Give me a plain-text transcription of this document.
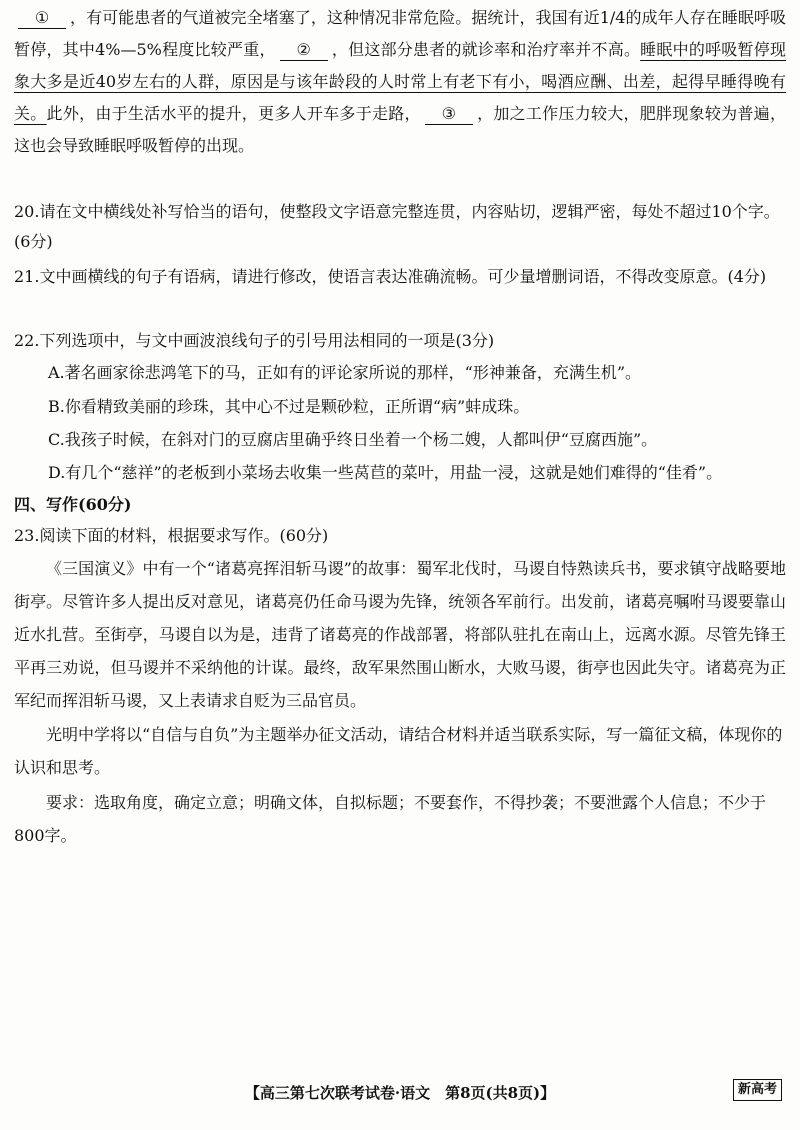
① ，有可能患者的气道被完全堵塞了，这种情况非常危险。据统计，我国有近1/4的成年人存在睡眠呼吸暂停，其中4%—5%程度比较严重， ② ，但这部分患者的就诊率和治疗率并不高。睡眠中的呼吸暂停现象大多是近40岁左右的人群，原因是与该年龄段的人时常上有老下有小，喝酒应酬、出差，起得早睡得晚有关。此外，由于生活水平的提升，更多人开车多于走路， ③ ，加之工作压力较大，肥胖现象较为普遍，这也会导致睡眠呼吸暂停的出现。

20.请在文中横线处补写恰当的语句，使整段文字语意完整连贯，内容贴切，逻辑严密，每处不超过10个字。(6分)

21.文中画横线的句子有语病，请进行修改，使语言表达准确流畅。可少量增删词语，不得改变原意。(4分)

22.下列选项中，与文中画波浪线句子的引号用法相同的一项是(3分)

A.著名画家徐悲鸿笔下的马，正如有的评论家所说的那样，“形神兼备，充满生机”。

B.你看精致美丽的珍珠，其中心不过是颗砂粒，正所谓“病”蚌成珠。

C.我孩子时候，在斜对门的豆腐店里确乎终日坐着一个杨二嫂，人都叫伊“豆腐西施”。

D.有几个“慈祥”的老板到小菜场去收集一些莴苣的菜叶，用盐一浸，这就是她们难得的“佳肴”。

四、写作(60分)

23.阅读下面的材料，根据要求写作。(60分)

《三国演义》中有一个“诸葛亮挥泪斩马谡”的故事：蜀军北伐时，马谡自恃熟读兵书，要求镇守战略要地街亭。尽管许多人提出反对意见，诸葛亮仍任命马谡为先锋，统领各军前行。出发前，诸葛亮嘱咐马谡要靠山近水扎营。至街亭，马谡自以为是，违背了诸葛亮的作战部署，将部队驻扎在南山上，远离水源。尽管先锋王平再三劝说，但马谡并不采纳他的计谋。最终，敌军果然围山断水，大败马谡，街亭也因此失守。诸葛亮为正军纪而挥泪斩马谡，又上表请求自贬为三品官员。

光明中学将以“自信与自负”为主题举办征文活动，请结合材料并适当联系实际，写一篇征文稿，体现你的认识和思考。

要求：选取角度，确定立意；明确文体，自拟标题；不要套作，不得抄袭；不要泄露个人信息；不少于800字。

【高三第七次联考试卷·语文　第8页(共8页)】	新高考
